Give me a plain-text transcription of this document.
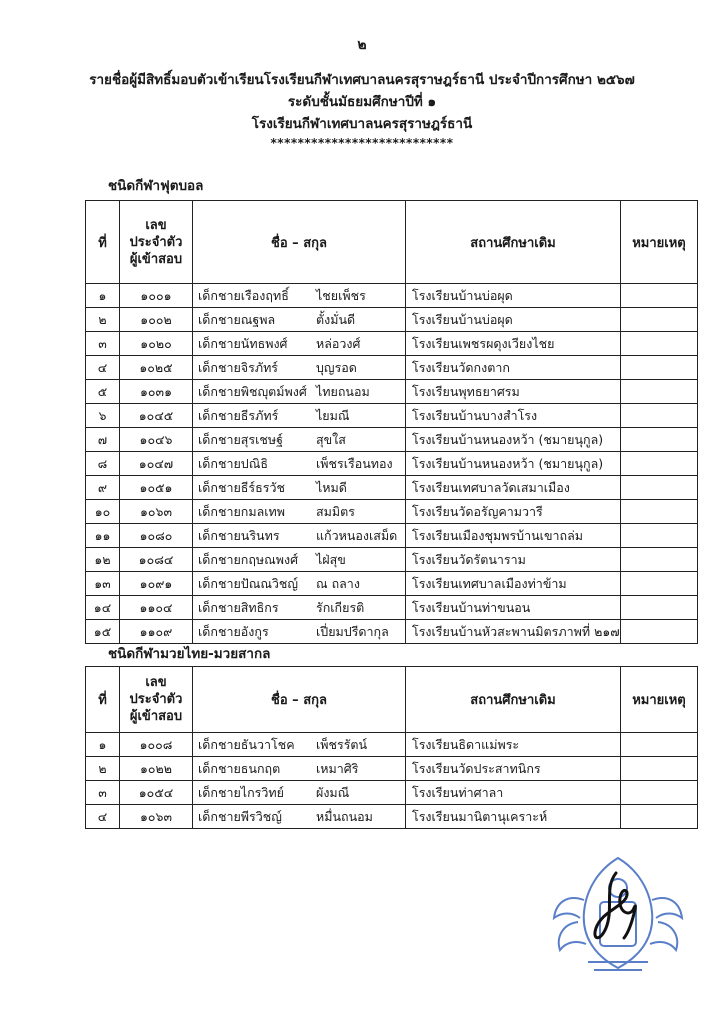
๒
รายชื่อผู้มีสิทธิ์มอบตัวเข้าเรียนโรงเรียนกีฬาเทศบาลนครสุราษฎร์ธานี ประจำปีการศึกษา ๒๕๖๗
ระดับชั้นมัธยมศึกษาปีที่ ๑
โรงเรียนกีฬาเทศบาลนครสุราษฎร์ธานี
***************************
ชนิดกีฬาฟุตบอล
ที่	เลข
ประจำตัว
ผู้เข้าสอบ	ชื่อ – สกุล	สถานศึกษาเดิม	หมายเหตุ
๑	๑๐๐๑	เด็กชายเรืองฤทธิ์ ไชยเพ็ชร	โรงเรียนบ้านบ่อผุด	
๒	๑๐๐๒	เด็กชายณฐพล ตั้งมั่นดี	โรงเรียนบ้านบ่อผุด	
๓	๑๐๒๐	เด็กชายนัทธพงศ์ หล่อวงศ์	โรงเรียนเพชรผดุงเวียงไชย	
๔	๑๐๒๕	เด็กชายจิรภัทร์ บุญรอด	โรงเรียนวัดกงตาก	
๕	๑๐๓๑	เด็กชายพิชญุตม์พงศ์ ไทยถนอม	โรงเรียนพุทธยาศรม	
๖	๑๐๔๕	เด็กชายธีรภัทร์ ไยมณี	โรงเรียนบ้านบางสำโรง	
๗	๑๐๔๖	เด็กชายสุรเชษฐ์ สุขใส	โรงเรียนบ้านหนองหว้า (ชมายนุกูล)	
๘	๑๐๔๗	เด็กชายปณิธิ เพ็ชรเรือนทอง	โรงเรียนบ้านหนองหว้า (ชมายนุกูล)	
๙	๑๐๕๑	เด็กชายธีร์ธรวัช ไหมดี	โรงเรียนเทศบาลวัดเสมาเมือง	
๑๐	๑๐๖๓	เด็กชายกมลเทพ สมมิตร	โรงเรียนวัดอรัญคามวารี	
๑๑	๑๐๘๐	เด็กชายนรินทร แก้วหนองเสม็ด	โรงเรียนเมืองชุมพรบ้านเขาถล่ม	
๑๒	๑๐๘๔	เด็กชายกฤษณพงศ์ ไฝ่สุข	โรงเรียนวัดรัตนาราม	
๑๓	๑๐๙๑	เด็กชายปัณณวิชญ์ ณ ถลาง	โรงเรียนเทศบาลเมืองท่าข้าม	
๑๔	๑๑๐๔	เด็กชายสิทธิกร รักเกียรติ	โรงเรียนบ้านท่าขนอน	
๑๕	๑๑๐๙	เด็กชายอังกูร เปี่ยมปรีดากุล	โรงเรียนบ้านหัวสะพานมิตรภาพที่ ๒๑๗	
ชนิดกีฬามวยไทย-มวยสากล
ที่	เลข
ประจำตัว
ผู้เข้าสอบ	ชื่อ – สกุล	สถานศึกษาเดิม	หมายเหตุ
๑	๑๐๐๘	เด็กชายธันวาโชค เพ็ชรรัตน์	โรงเรียนธิดาแม่พระ	
๒	๑๐๒๒	เด็กชายธนกฤต เหมาศิริ	โรงเรียนวัดประสาทนิกร	
๓	๑๐๕๔	เด็กชายไกรวิทย์ ผังมณี	โรงเรียนท่าศาลา	
๔	๑๐๖๓	เด็กชายพีรวิชญ์ หมื่นถนอม	โรงเรียนมานิตานุเคราะห์	
